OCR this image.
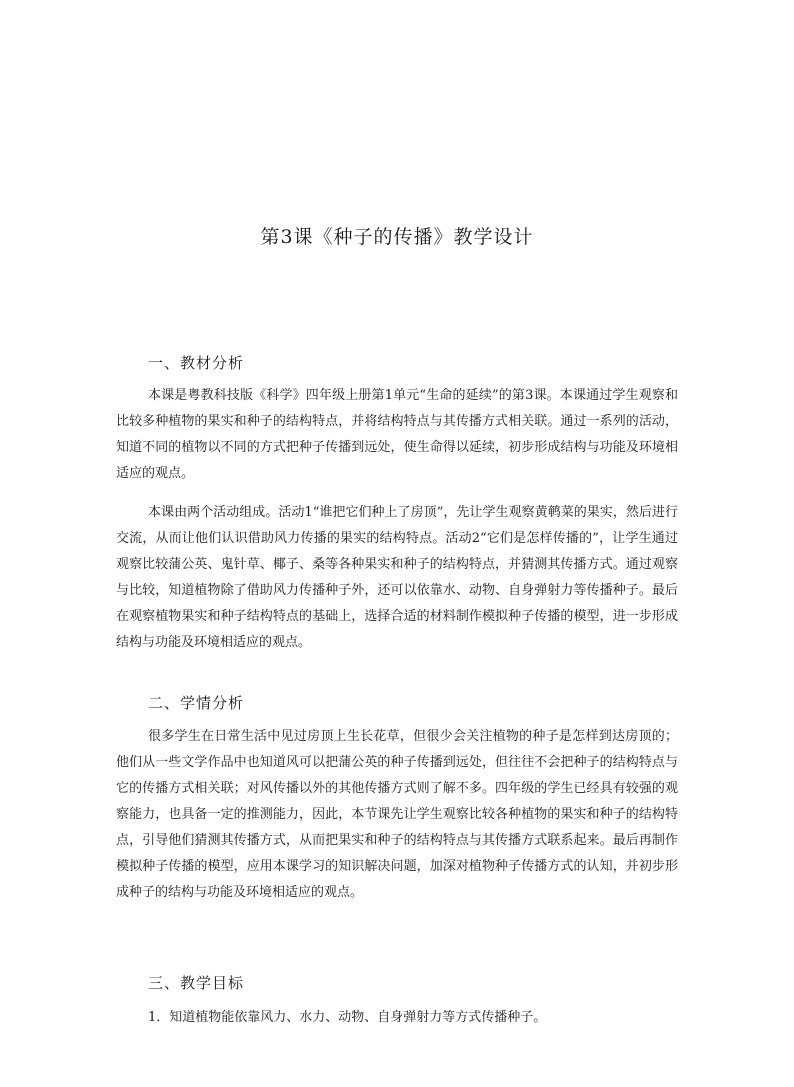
第3课《种子的传播》教学设计
一、教材分析

本课是粤教科技版《科学》四年级上册第1单元“生命的延续”的第3课。本课通过学生观察和比较多种植物的果实和种子的结构特点，并将结构特点与其传播方式相关联。通过一系列的活动，知道不同的植物以不同的方式把种子传播到远处，使生命得以延续，初步形成结构与功能及环境相适应的观点。

本课由两个活动组成。活动1“谁把它们种上了房顶”，先让学生观察黄鹌菜的果实，然后进行交流，从而让他们认识借助风力传播的果实的结构特点。活动2“它们是怎样传播的”，让学生通过观察比较蒲公英、鬼针草、椰子、桑等各种果实和种子的结构特点，并猜测其传播方式。通过观察与比较，知道植物除了借助风力传播种子外，还可以依靠水、动物、自身弹射力等传播种子。最后在观察植物果实和种子结构特点的基础上，选择合适的材料制作模拟种子传播的模型，进一步形成结构与功能及环境相适应的观点。

二、学情分析

很多学生在日常生活中见过房顶上生长花草，但很少会关注植物的种子是怎样到达房顶的；他们从一些文学作品中也知道风可以把蒲公英的种子传播到远处，但往往不会把种子的结构特点与它的传播方式相关联；对风传播以外的其他传播方式则了解不多。四年级的学生已经具有较强的观察能力，也具备一定的推测能力，因此，本节课先让学生观察比较各种植物的果实和种子的结构特点，引导他们猜测其传播方式，从而把果实和种子的结构特点与其传播方式联系起来。最后再制作模拟种子传播的模型，应用本课学习的知识解决问题，加深对植物种子传播方式的认知，并初步形成种子的结构与功能及环境相适应的观点。

三、教学目标

1．知道植物能依靠风力、水力、动物、自身弹射力等方式传播种子。
